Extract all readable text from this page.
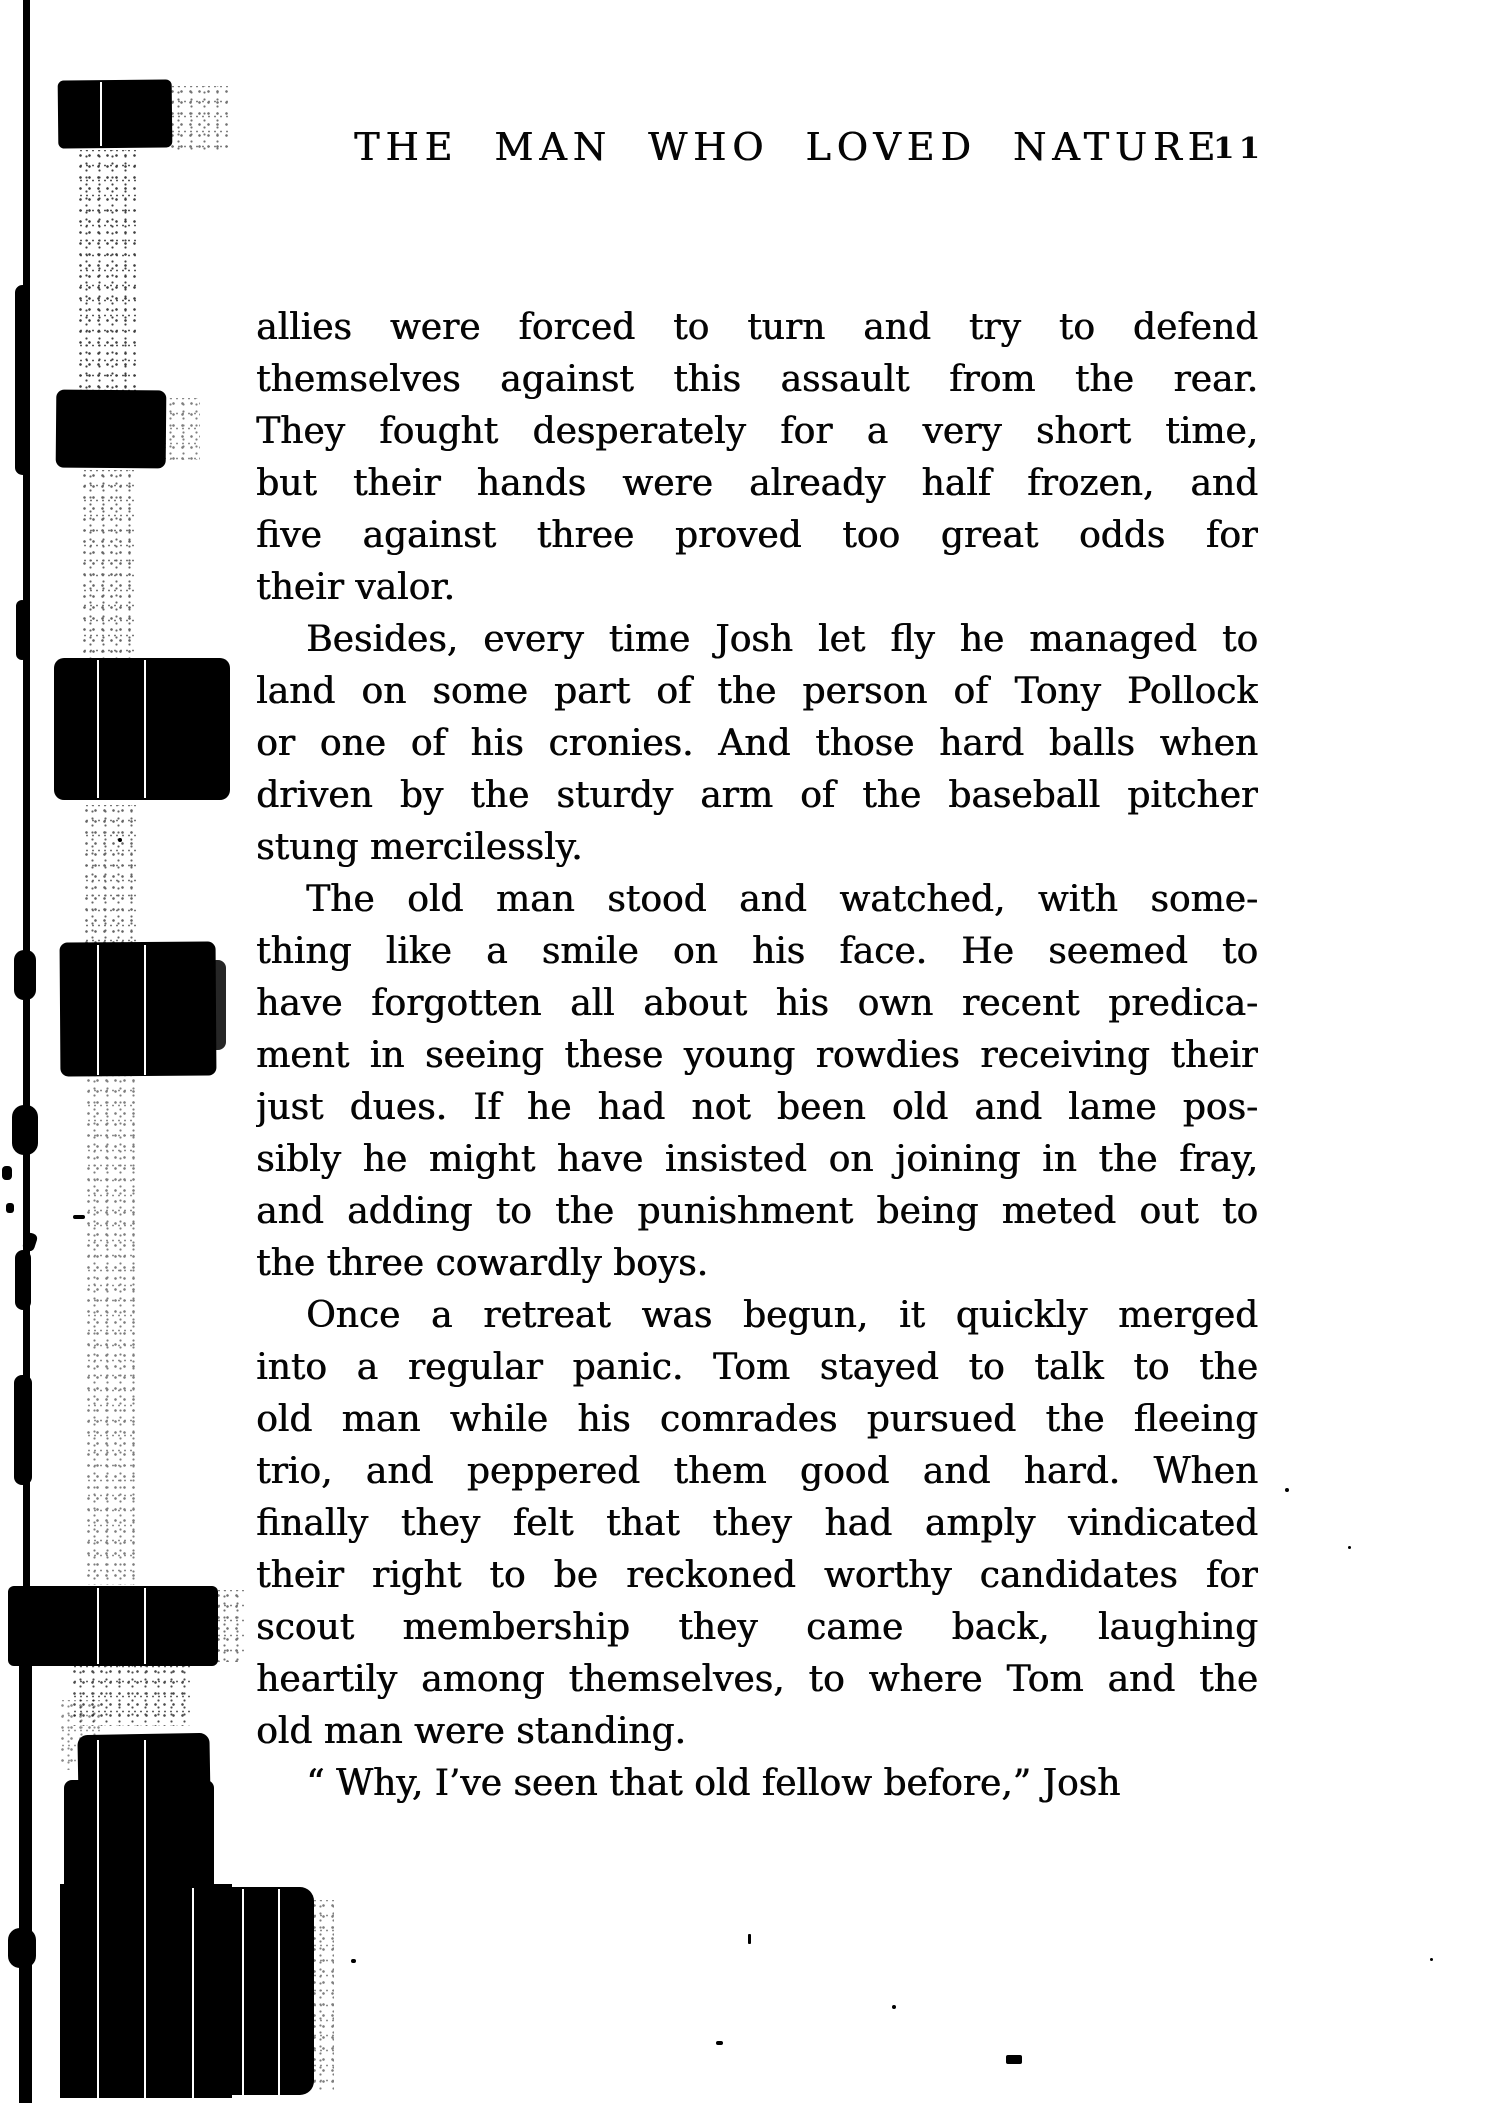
THE MAN WHO LOVED NATURE
11
allies were forced to turn and try to defend
themselves against this assault from the rear.
They fought desperately for a very short time,
but their hands were already half frozen, and
five against three proved too great odds for
their valor.
Besides, every time Josh let fly he managed to
land on some part of the person of Tony Pollock
or one of his cronies. And those hard balls when
driven by the sturdy arm of the baseball pitcher
stung mercilessly.
The old man stood and watched, with some-
thing like a smile on his face. He seemed to
have forgotten all about his own recent predica-
ment in seeing these young rowdies receiving their
just dues. If he had not been old and lame pos-
sibly he might have insisted on joining in the fray,
and adding to the punishment being meted out to
the three cowardly boys.
Once a retreat was begun, it quickly merged
into a regular panic. Tom stayed to talk to the
old man while his comrades pursued the fleeing
trio, and peppered them good and hard. When
finally they felt that they had amply vindicated
their right to be reckoned worthy candidates for
scout membership they came back, laughing
heartily among themselves, to where Tom and the
old man were standing.
“ Why, I’ve seen that old fellow before,” Josh
